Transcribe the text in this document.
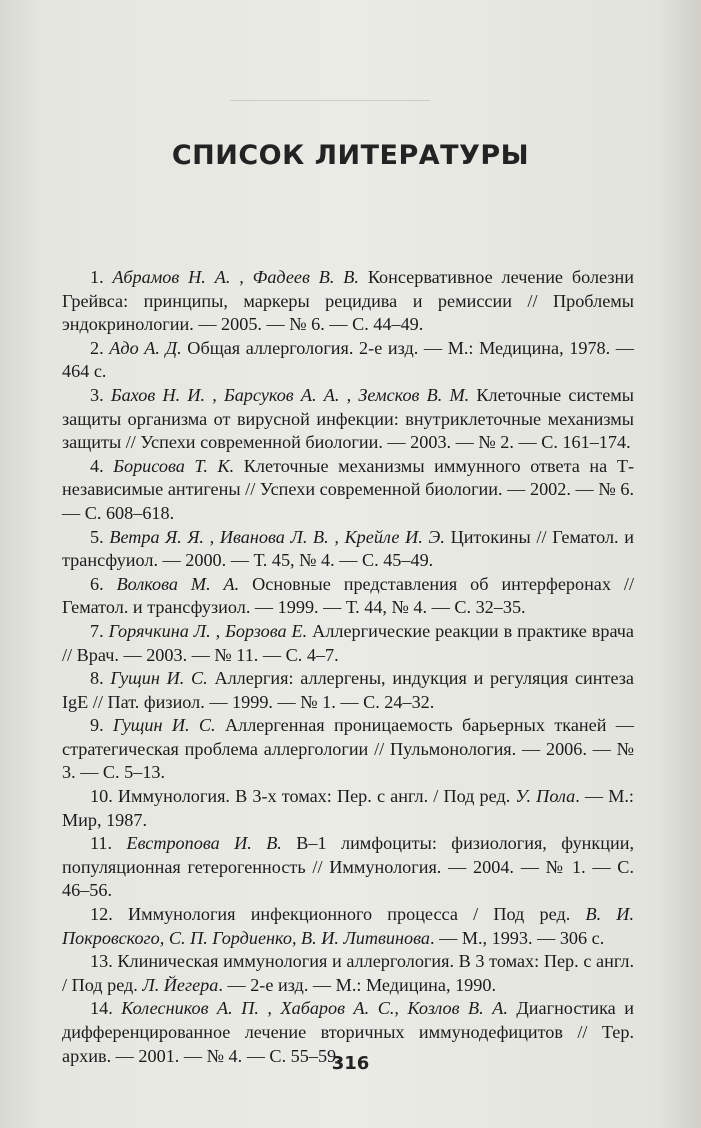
СПИСОК ЛИТЕРАТУРЫ

1. Абрамов Н. А. , Фадеев В. В. Консервативное лечение болезни Грейвса: принципы, маркеры рецидива и ремиссии // Проблемы эндокринологии. — 2005. — № 6. — С. 44–49.

2. Адо А. Д. Общая аллергология. 2-е изд. — М.: Медицина, 1978. — 464 с.

3. Бахов Н. И. , Барсуков А. А. , Земсков В. М. Клеточные системы защиты организма от вирусной инфекции: внутриклеточные механизмы защиты // Успехи современной биологии. — 2003. — № 2. — С. 161–174.

4. Борисова Т. К. Клеточные механизмы иммунного ответа на Т-независимые антигены // Успехи современной биологии. — 2002. — № 6. — С. 608–618.

5. Ветра Я. Я. , Иванова Л. В. , Крейле И. Э. Цитокины // Гематол. и трансфуиол. — 2000. — Т. 45, № 4. — С. 45–49.

6. Волкова М. А. Основные представления об интерферонах // Гематол. и трансфузиол. — 1999. — Т. 44, № 4. — С. 32–35.

7. Горячкина Л. , Борзова Е. Аллергические реакции в практике врача // Врач. — 2003. — № 11. — С. 4–7.

8. Гущин И. С. Аллергия: аллергены, индукция и регуляция синтеза IgE // Пат. физиол. — 1999. — № 1. — С. 24–32.

9. Гущин И. С. Аллергенная проницаемость барьерных тканей — стратегическая проблема аллергологии // Пульмонология. — 2006. — № 3. — С. 5–13.

10. Иммунология. В 3-х томах: Пер. с англ. / Под ред. У. Пола. — М.: Мир, 1987.

11. Евстропова И. В. В–1 лимфоциты: физиология, функции, популяционная гетерогенность // Иммунология. — 2004. — № 1. — С. 46–56.

12. Иммунология инфекционного процесса / Под ред. В. И. Покровского, С. П. Гордиенко, В. И. Литвинова. — М., 1993. — 306 с.

13. Клиническая иммунология и аллергология. В 3 томах: Пер. с англ. / Под ред. Л. Йегера. — 2-е изд. — М.: Медицина, 1990.

14. Колесников А. П. , Хабаров А. С., Козлов В. А. Диагностика и дифференцированное лечение вторичных иммунодефицитов // Тер. архив. — 2001. — № 4. — С. 55–59.

316
